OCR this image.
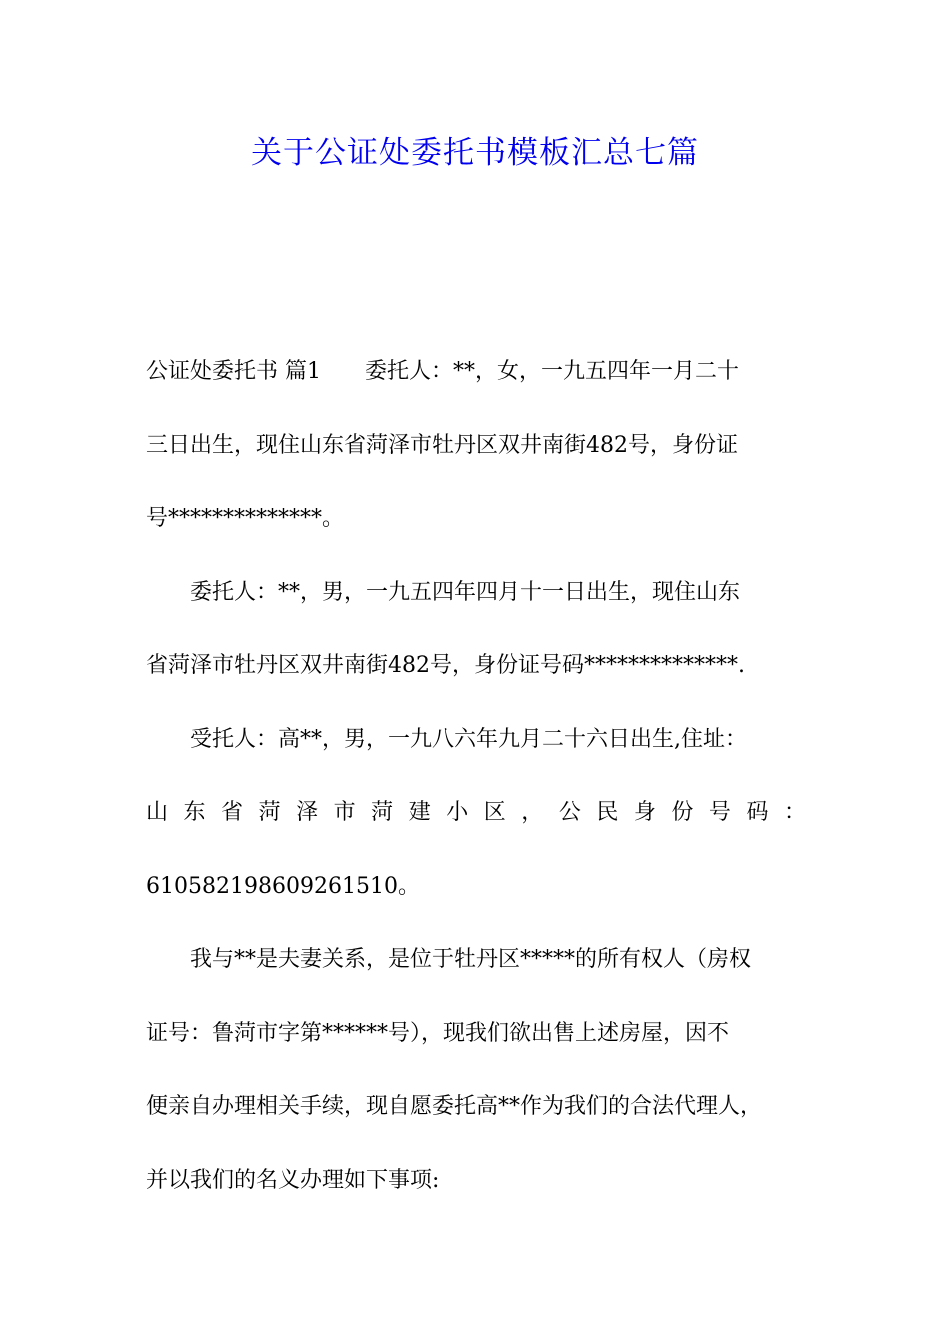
关于公证处委托书模板汇总七篇

公证处委托书 篇1 委托人：**，女，一九五四年一月二十
三日出生，现住山东省菏泽市牡丹区双井南街482号，身份证
号**************。

委托人：**，男，一九五四年四月十一日出生，现住山东
省菏泽市牡丹区双井南街482号，身份证号码**************.

受托人：高**，男，一九八六年九月二十六日出生,住址：
山东省菏泽市菏建小区，公民身份号码：
610582198609261510。

我与**是夫妻关系，是位于牡丹区*****的所有权人（房权
证号：鲁菏市字第******号），现我们欲出售上述房屋，因不
便亲自办理相关手续，现自愿委托高**作为我们的合法代理人，
并以我们的名义办理如下事项:
